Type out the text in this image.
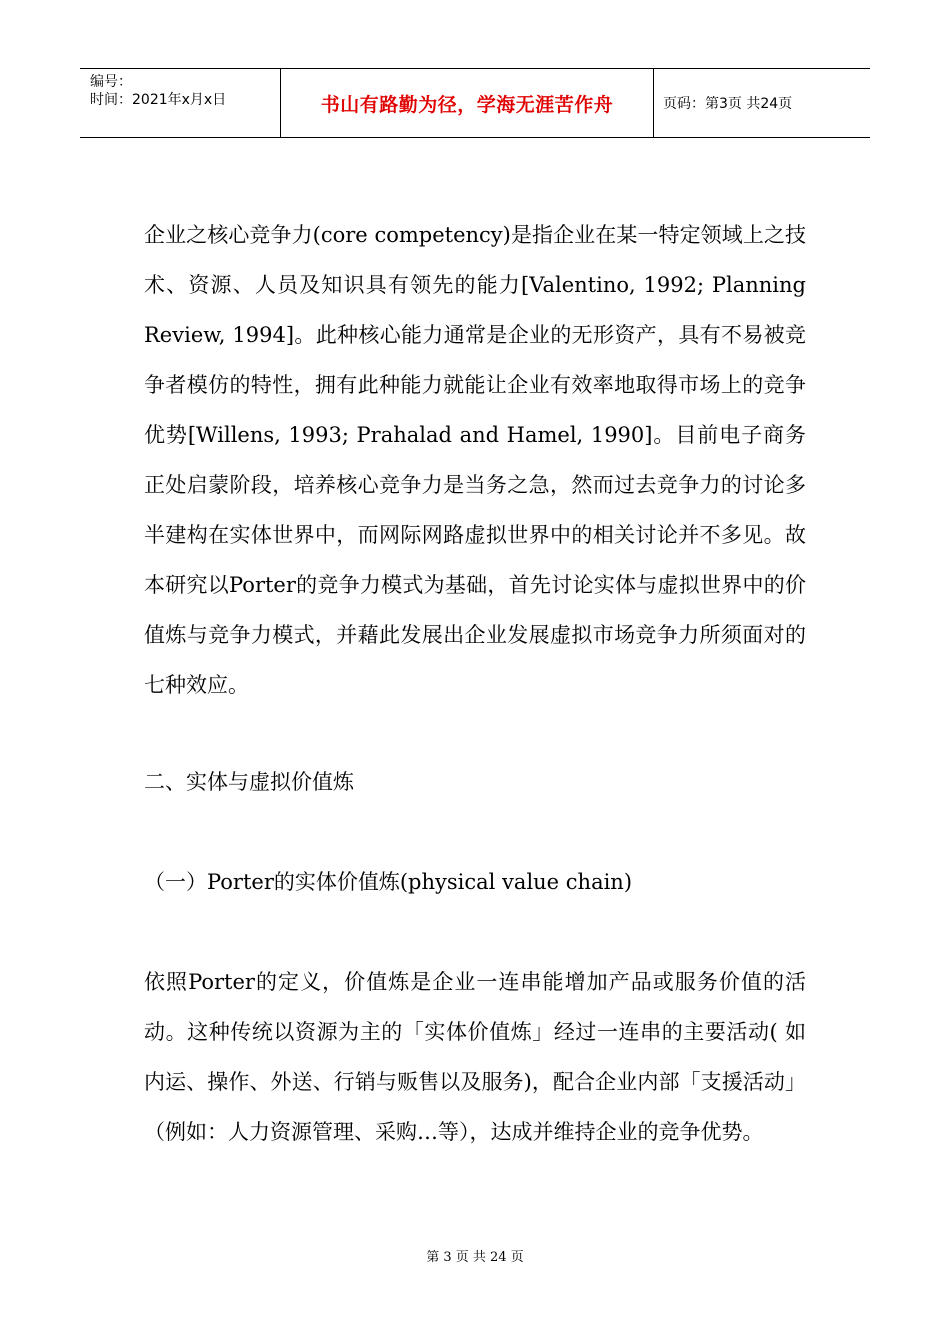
编号：
时间：2021年x月x日	书山有路勤为径，学海无涯苦作舟	页码：第3页 共24页

企业之核心竞争力(core competency)是指企业在某一特定领域上之技术、资源、人员及知识具有领先的能力[Valentino, 1992; Planning Review, 1994]。此种核心能力通常是企业的无形资产，具有不易被竞争者模仿的特性，拥有此种能力就能让企业有效率地取得市场上的竞争优势[Willens, 1993; Prahalad and Hamel, 1990]。目前电子商务正处启蒙阶段，培养核心竞争力是当务之急，然而过去竞争力的讨论多半建构在实体世界中，而网际网路虚拟世界中的相关讨论并不多见。故本研究以Porter的竞争力模式为基础，首先讨论实体与虚拟世界中的价值炼与竞争力模式，并藉此发展出企业发展虚拟市场竞争力所须面对的七种效应。

二、实体与虚拟价值炼

（一）Porter的实体价值炼(physical value chain)

依照Porter的定义，价值炼是企业一连串能增加产品或服务价值的活动。这种传统以资源为主的「实体价值炼」经过一连串的主要活动( 如内运、操作、外送、行销与贩售以及服务)，配合企业内部「支援活动」（例如：人力资源管理、采购…等），达成并维持企业的竞争优势。

第 3 页 共 24 页
